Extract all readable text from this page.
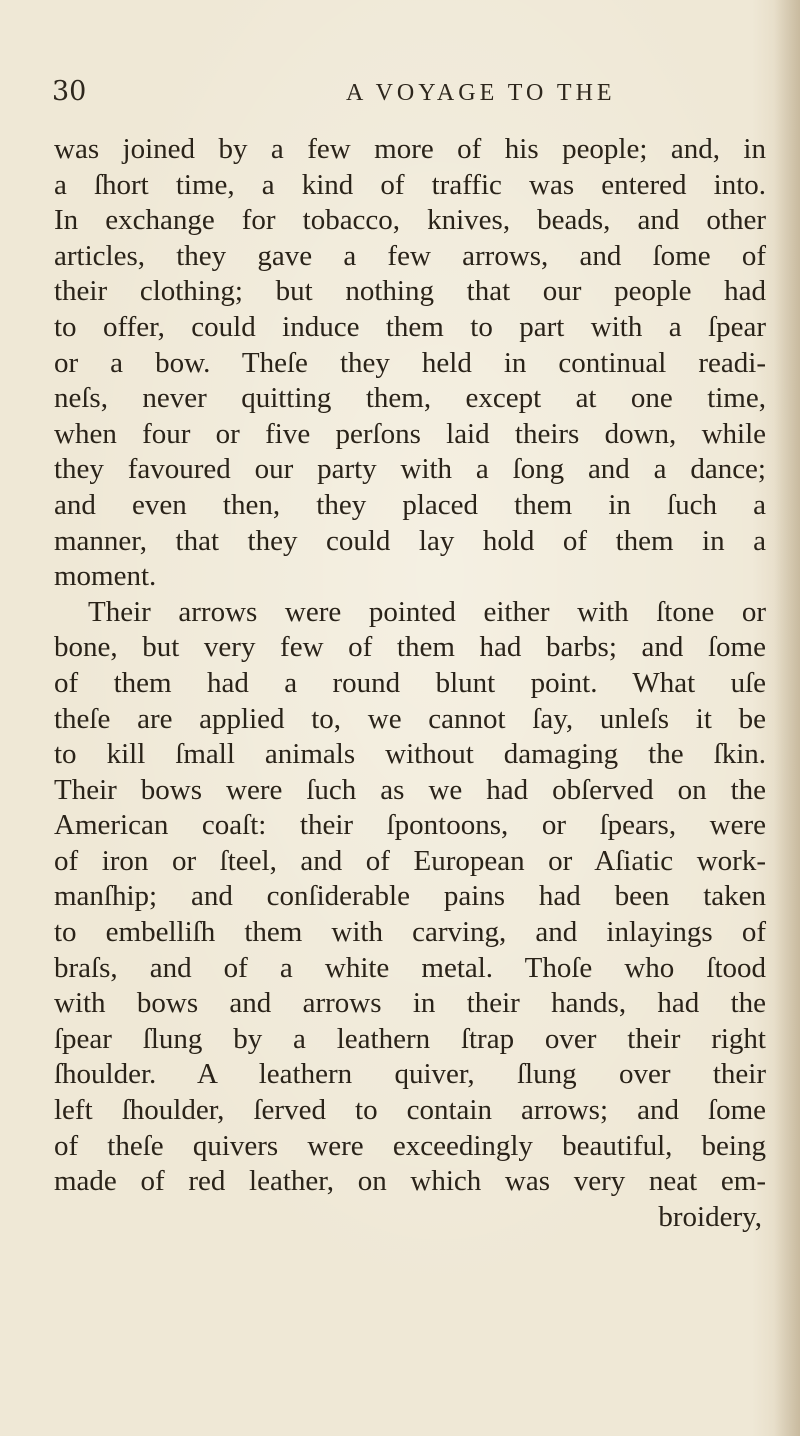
30	A VOYAGE TO THE
was joined by a few more of his people; and, in
a ſhort time, a kind of traffic was entered into.
In exchange for tobacco, knives, beads, and other
articles, they gave a few arrows, and ſome of
their clothing; but nothing that our people had
to offer, could induce them to part with a ſpear
or a bow. Theſe they held in continual readi-
neſs, never quitting them, except at one time,
when four or five perſons laid theirs down, while
they favoured our party with a ſong and a dance;
and even then, they placed them in ſuch a
manner, that they could lay hold of them in a
moment.
Their arrows were pointed either with ſtone or
bone, but very few of them had barbs; and ſome
of them had a round blunt point. What uſe
theſe are applied to, we cannot ſay, unleſs it be
to kill ſmall animals without damaging the ſkin.
Their bows were ſuch as we had obſerved on the
American coaſt: their ſpontoons, or ſpears, were
of iron or ſteel, and of European or Aſiatic work-
manſhip; and conſiderable pains had been taken
to embelliſh them with carving, and inlayings of
braſs, and of a white metal. Thoſe who ſtood
with bows and arrows in their hands, had the
ſpear ſlung by a leathern ſtrap over their right
ſhoulder. A leathern quiver, ſlung over their
left ſhoulder, ſerved to contain arrows; and ſome
of theſe quivers were exceedingly beautiful, being
made of red leather, on which was very neat em-
broidery,
